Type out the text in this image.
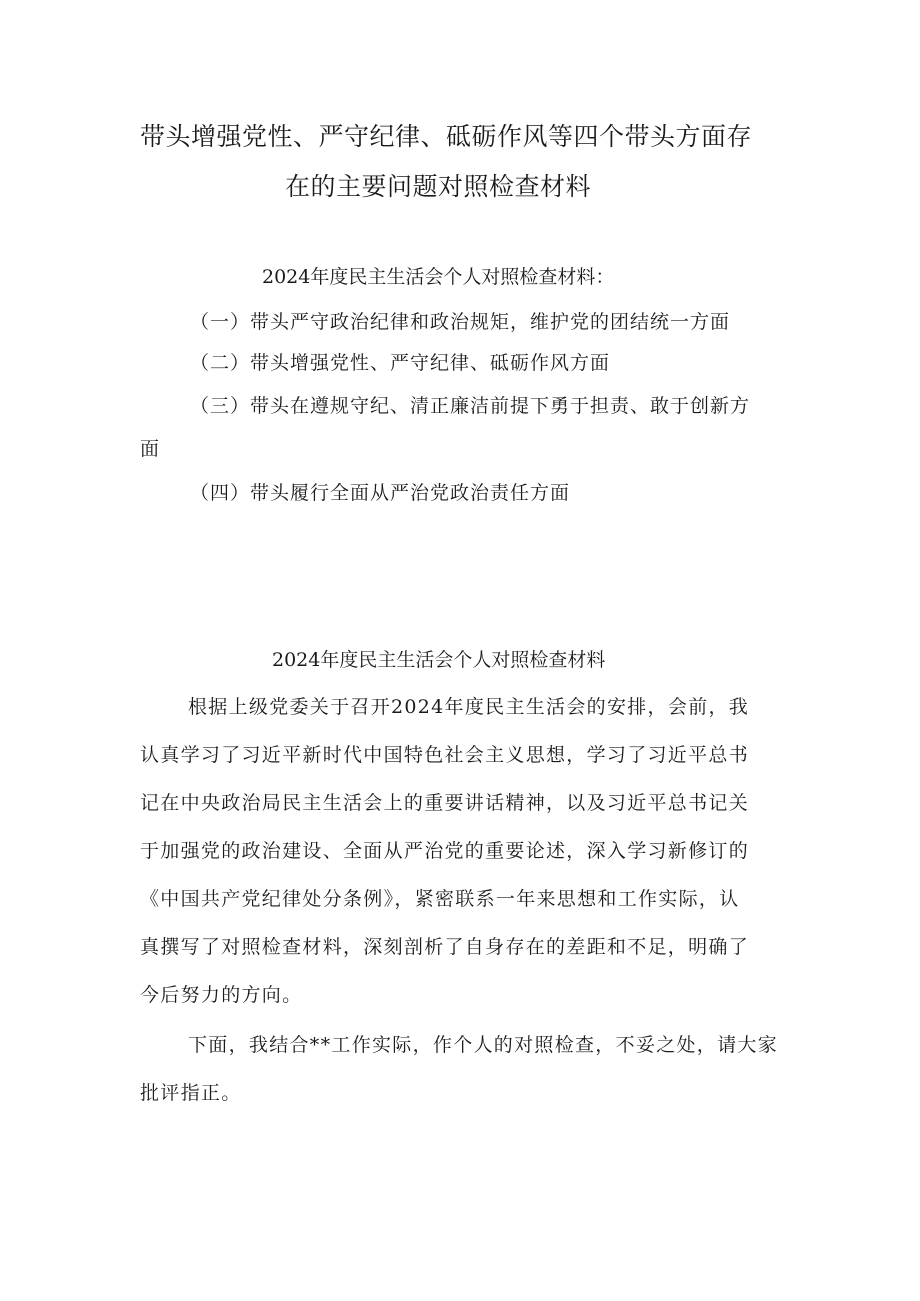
带头增强党性、严守纪律、砥砺作风等四个带头方面存
在的主要问题对照检查材料
2024年度民主生活会个人对照检查材料：
（一）带头严守政治纪律和政治规矩，维护党的团结统一方面
（二）带头增强党性、严守纪律、砥砺作风方面
（三）带头在遵规守纪、清正廉洁前提下勇于担责、敢于创新方
面
（四）带头履行全面从严治党政治责任方面
2024年度民主生活会个人对照检查材料
根据上级党委关于召开2024年度民主生活会的安排，会前，我
认真学习了习近平新时代中国特色社会主义思想，学习了习近平总书
记在中央政治局民主生活会上的重要讲话精神，以及习近平总书记关
于加强党的政治建设、全面从严治党的重要论述，深入学习新修订的
《中国共产党纪律处分条例》，紧密联系一年来思想和工作实际，认
真撰写了对照检查材料，深刻剖析了自身存在的差距和不足，明确了
今后努力的方向。
下面，我结合**工作实际，作个人的对照检查，不妥之处，请大家
批评指正。
